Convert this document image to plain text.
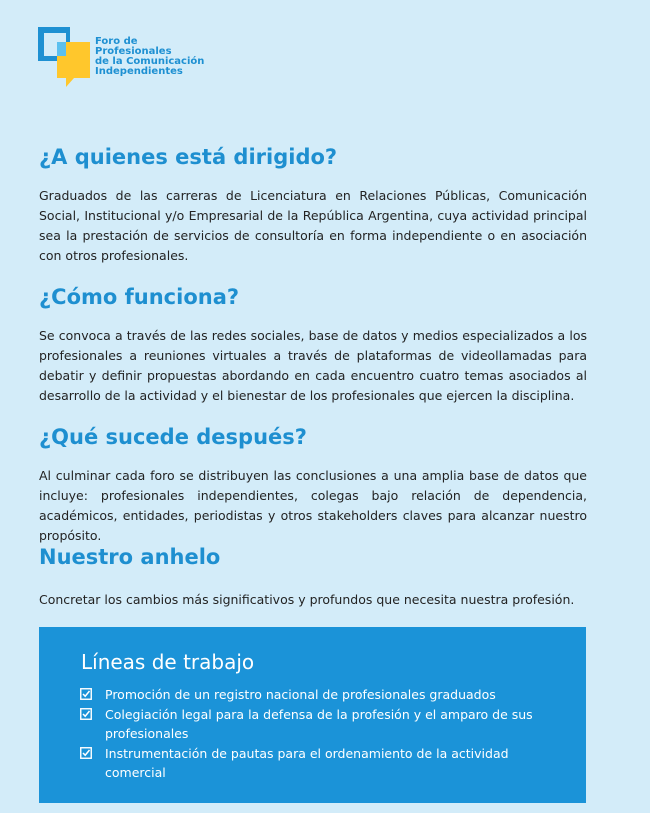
Foro de
Profesionales
de la Comunicación
Independientes
¿A quienes está dirigido?

Graduados de las carreras de Licenciatura en Relaciones Públicas, Comunicación Social, Institucional y/o Empresarial de la República Argentina, cuya actividad principal sea la prestación de servicios de consultoría en forma independiente o en asociación con otros profesionales.

¿Cómo funciona?

Se convoca a través de las redes sociales, base de datos y medios especializados a los profesionales a reuniones virtuales a través de plataformas de videollamadas para debatir y definir propuestas abordando en cada encuentro cuatro temas asociados al desarrollo de la actividad y el bienestar de los profesionales que ejercen la disciplina.

¿Qué sucede después?

Al culminar cada foro se distribuyen las conclusiones a una amplia base de datos que incluye: profesionales independientes, colegas bajo relación de dependencia, académicos, entidades, periodistas y otros stakeholders claves para alcanzar nuestro propósito.

Nuestro anhelo

Concretar los cambios más significativos y profundos que necesita nuestra profesión.

Líneas de trabajo
Promoción de un registro nacional de profesionales graduados
Colegiación legal para la defensa de la profesión y el amparo de sus profesionales
Instrumentación de pautas para el ordenamiento de la actividad comercial
